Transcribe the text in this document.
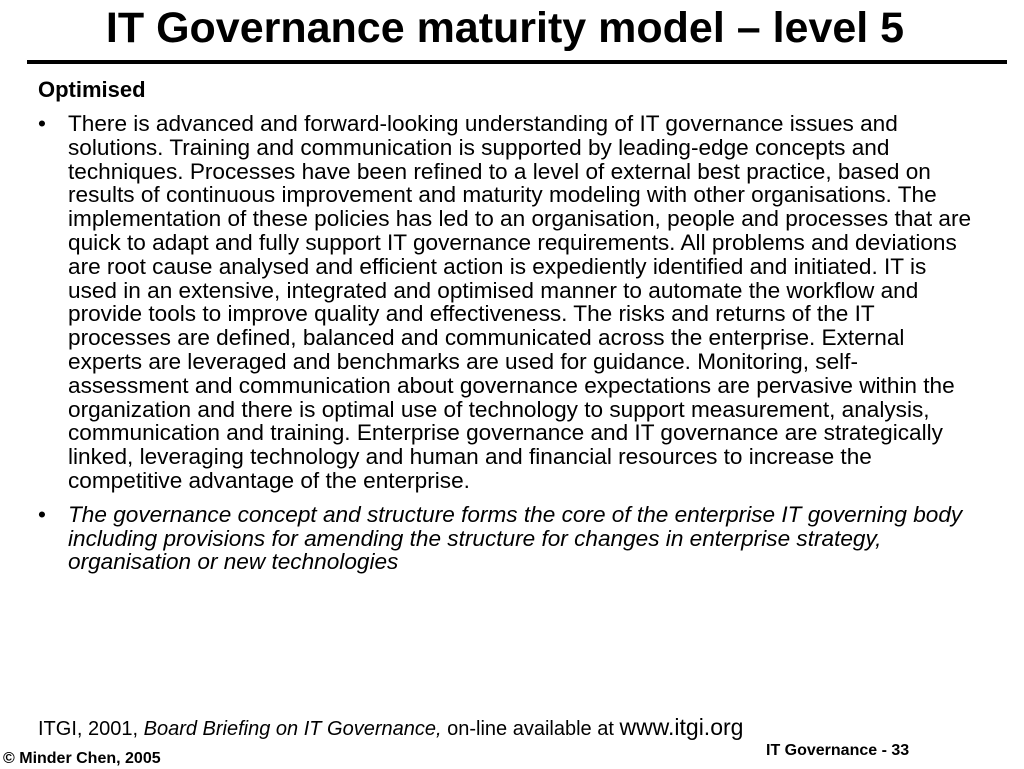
IT Governance maturity model – level 5

Optimised

• There is advanced and forward-looking understanding of IT governance issues and solutions. Training and communication is supported by leading-edge concepts and techniques. Processes have been refined to a level of external best practice, based on results of continuous improvement and maturity modeling with other organisations. The implementation of these policies has led to an organisation, people and processes that are quick to adapt and fully support IT governance requirements. All problems and deviations are root cause analysed and efficient action is expediently identified and initiated. IT is used in an extensive, integrated and optimised manner to automate the workflow and provide tools to improve quality and effectiveness. The risks and returns of the IT processes are defined, balanced and communicated across the enterprise. External experts are leveraged and benchmarks are used for guidance. Monitoring, self-assessment and communication about governance expectations are pervasive within the organization and there is optimal use of technology to support measurement, analysis, communication and training. Enterprise governance and IT governance are strategically linked, leveraging technology and human and financial resources to increase the competitive advantage of the enterprise.
• The governance concept and structure forms the core of the enterprise IT governing body including provisions for amending the structure for changes in enterprise strategy, organisation or new technologies
ITGI, 2001, Board Briefing on IT Governance, on-line available at www.itgi.org
© Minder Chen, 2005	IT Governance - 33
